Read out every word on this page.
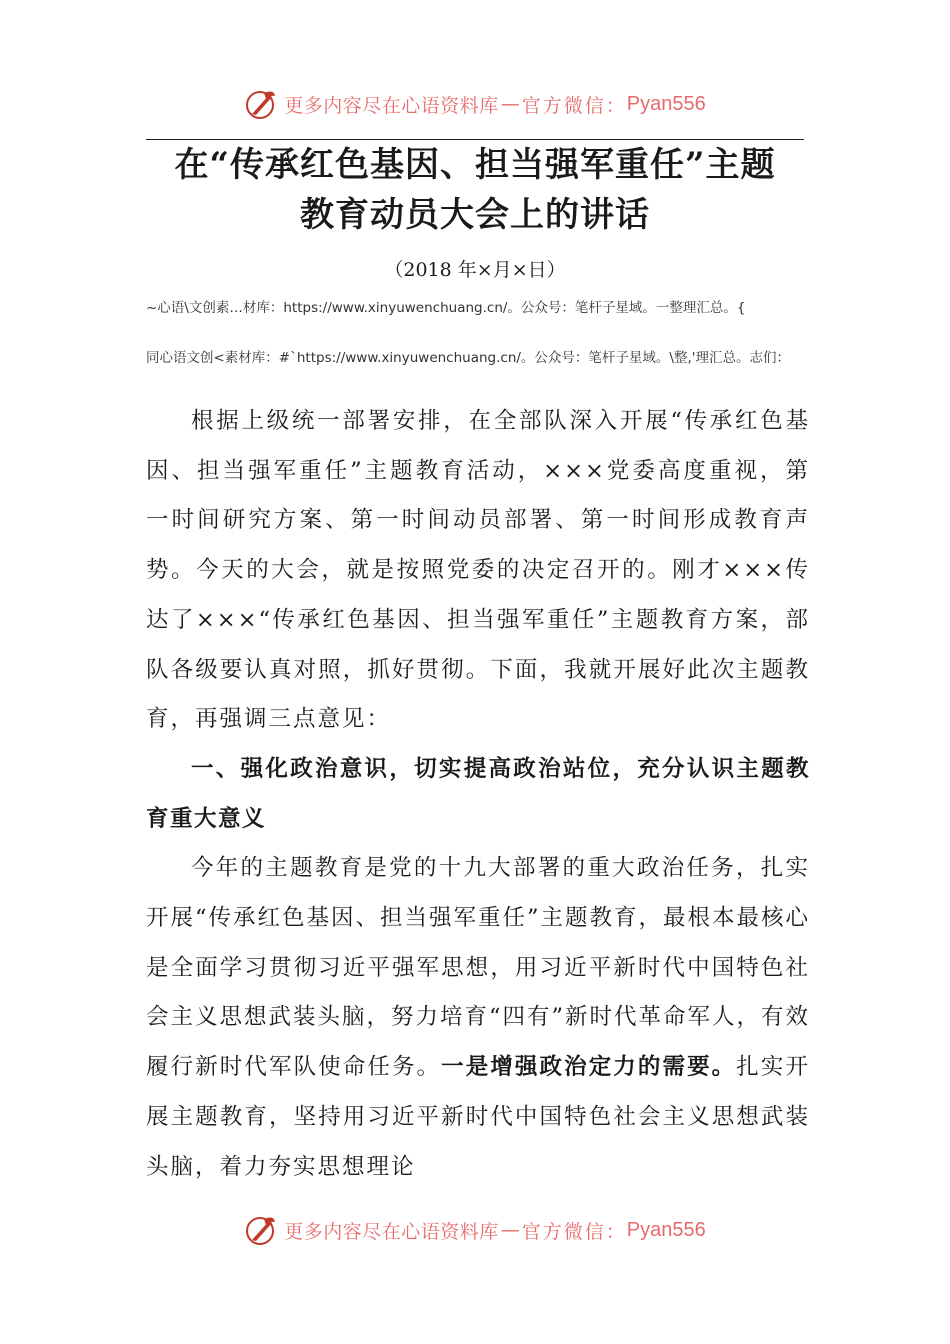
更多内容尽在心语资料库 — 官方微信： Pyan556
在“传承红色基因、担当强军重任”主题
教育动员大会上的讲话
（2018 年×月×日）
~心语\文创素…材库：https://www.xinyuwenchuang.cn/。公众号：笔杆子星域。一整理汇总。{
同心语文创<素材库：#`https://www.xinyuwenchuang.cn/。公众号：笔杆子星域。\整,'理汇总。志们：

根据上级统一部署安排，在全部队深入开展“传承红色基因、担当强军重任”主题教育活动，×××党委高度重视，第一时间研究方案、第一时间动员部署、第一时间形成教育声势。今天的大会，就是按照党委的决定召开的。刚才×××传达了×××“传承红色基因、担当强军重任”主题教育方案，部队各级要认真对照，抓好贯彻。下面，我就开展好此次主题教育，再强调三点意见：

一、强化政治意识，切实提高政治站位，充分认识主题教育重大意义

今年的主题教育是党的十九大部署的重大政治任务，扎实开展“传承红色基因、担当强军重任”主题教育，最根本最核心是全面学习贯彻习近平强军思想，用习近平新时代中国特色社会主义思想武装头脑，努力培育“四有”新时代革命军人，有效履行新时代军队使命任务。一是增强政治定力的需要。扎实开展主题教育，坚持用习近平新时代中国特色社会主义思想武装头脑，着力夯实思想理论

更多内容尽在心语资料库 — 官方微信： Pyan556
